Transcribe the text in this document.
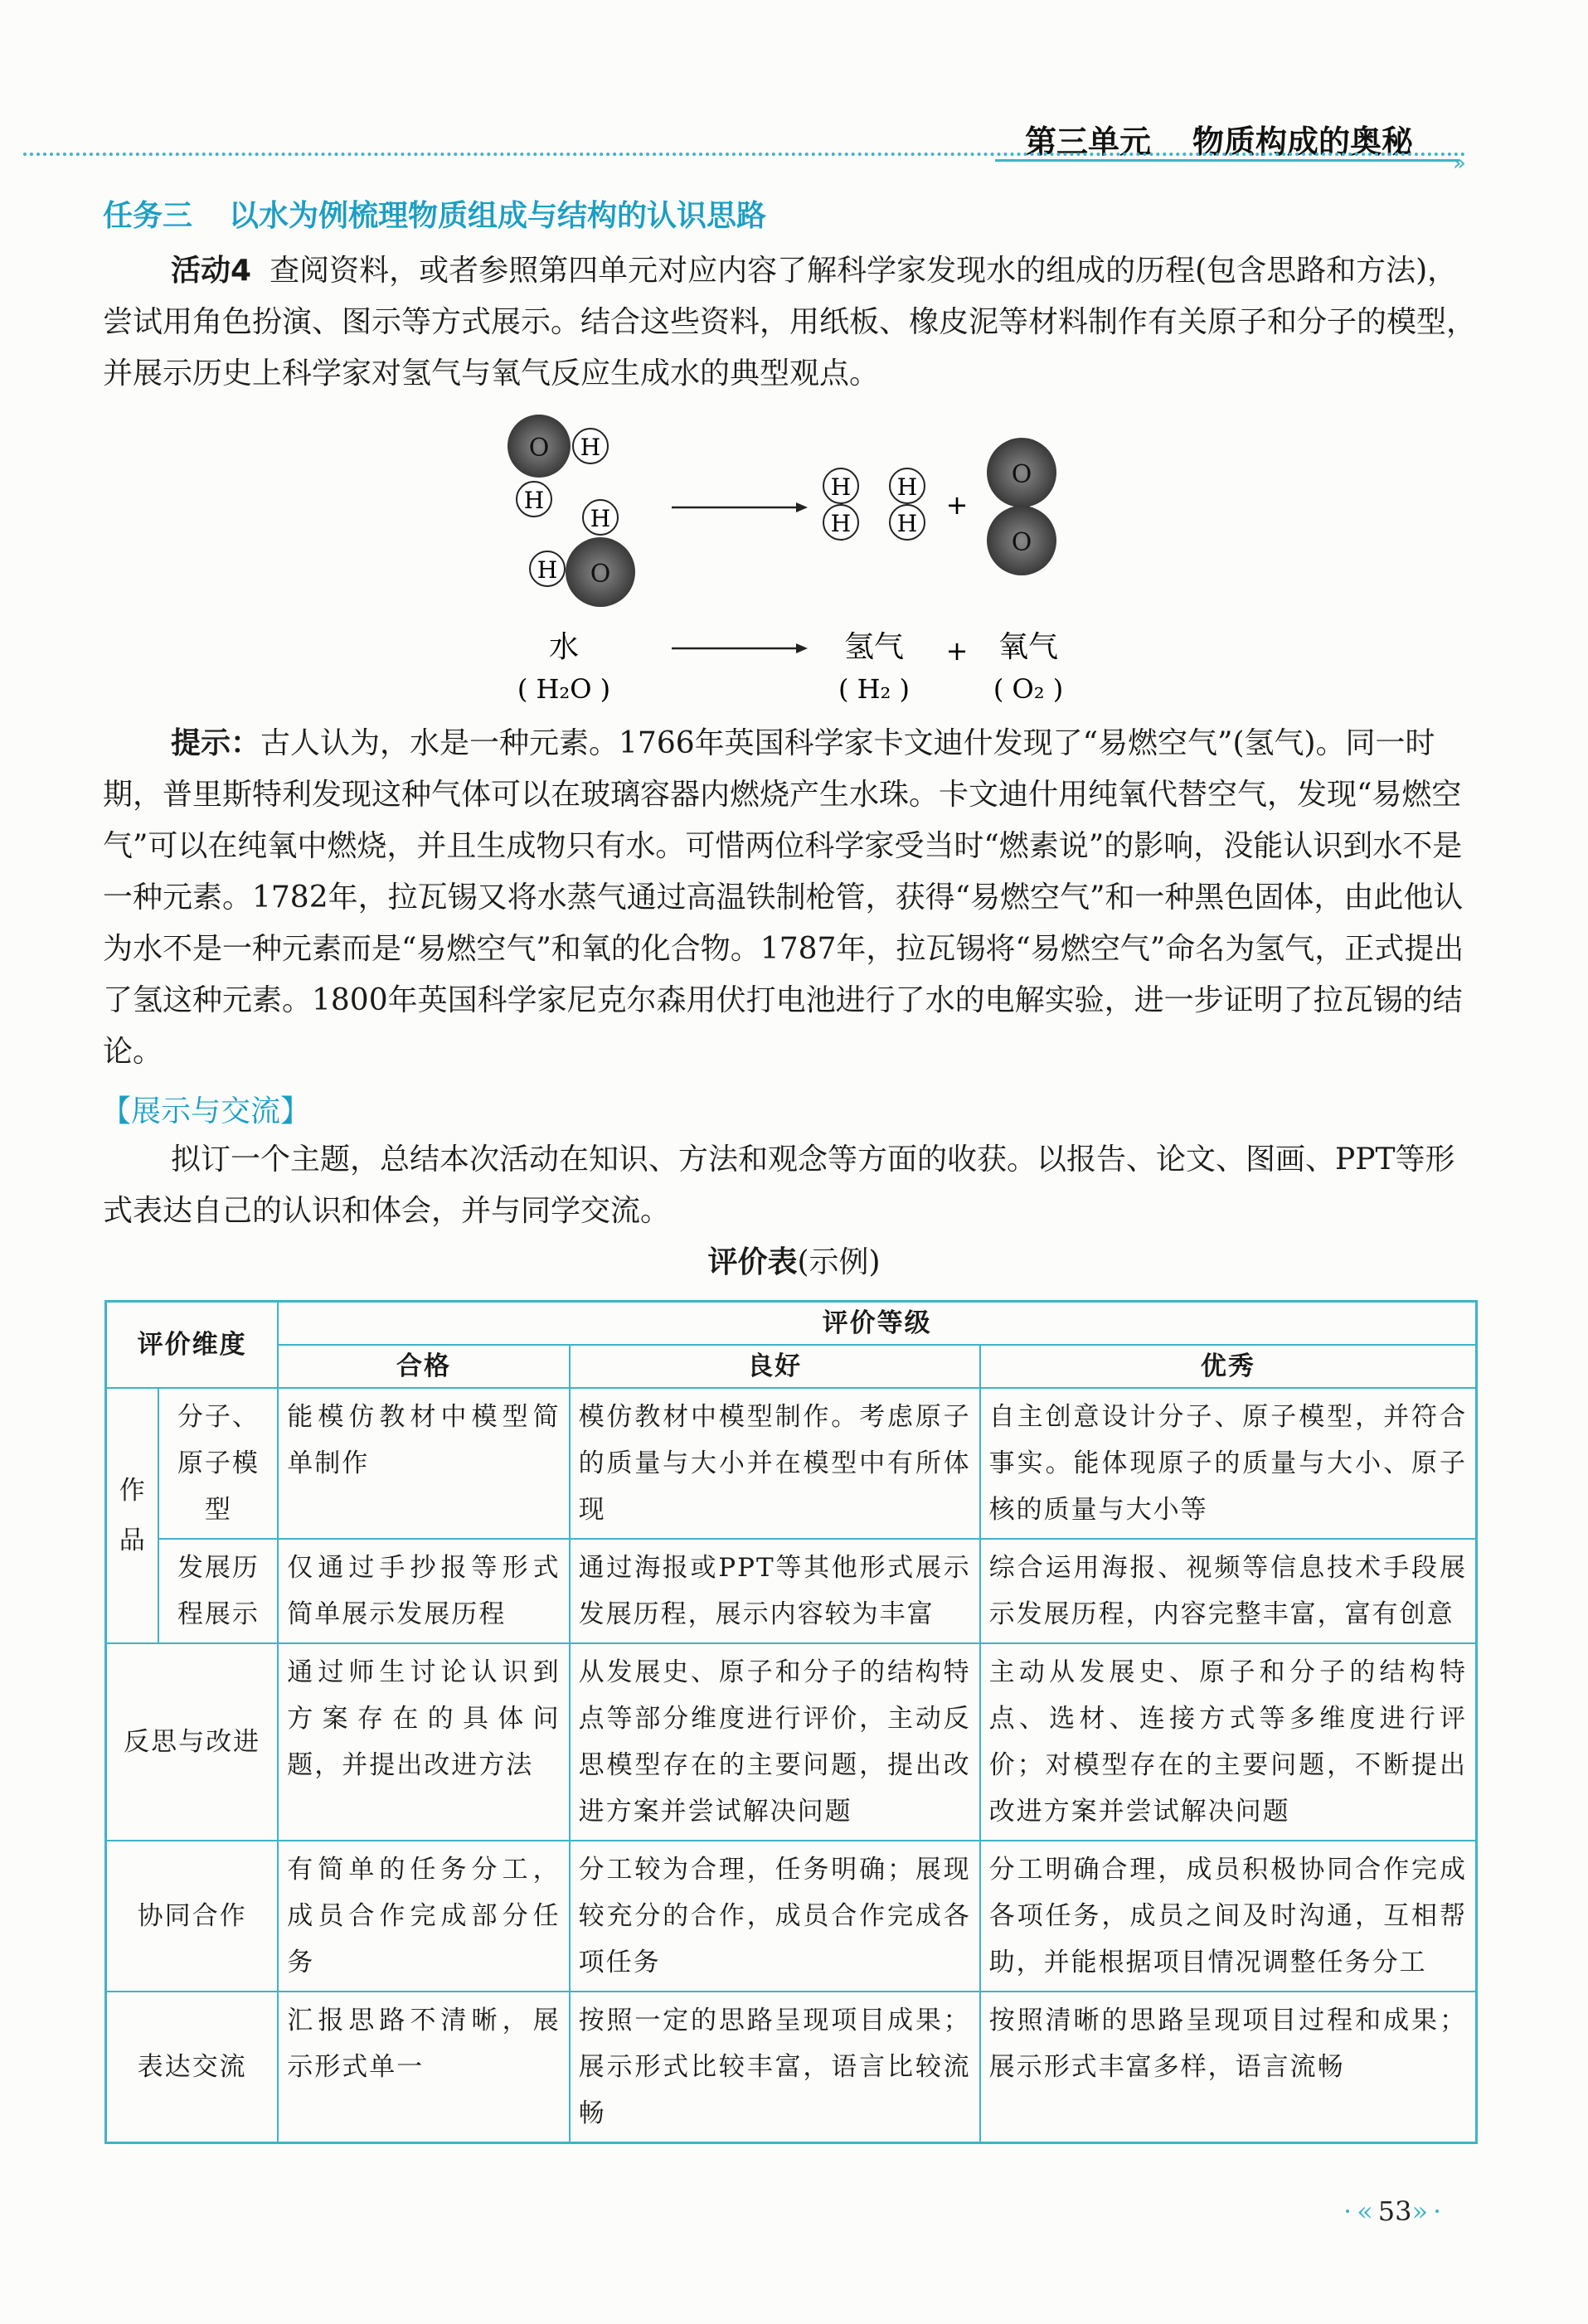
第三单元 物质构成的奥秘
»
任务三 以水为例梳理物质组成与结构的认识思路
活动4 查阅资料，或者参照第四单元对应内容了解科学家发现水的组成的历程(包含思路和方法)，尝试用角色扮演、图示等方式展示。结合这些资料，用纸板、橡皮泥等材料制作有关原子和分子的模型，并展示历史上科学家对氢气与氧气反应生成水的典型观点。
O H
H
O
H
H
H
H
H
H
+
O
O
水
( H₂O )
氢气
( H₂ )
+ 氧气
( O₂ )
提示：古人认为，水是一种元素。1766年英国科学家卡文迪什发现了“易燃空气”(氢气)。同一时期，普里斯特利发现这种气体可以在玻璃容器内燃烧产生水珠。卡文迪什用纯氧代替空气，发现“易燃空气”可以在纯氧中燃烧，并且生成物只有水。可惜两位科学家受当时“燃素说”的影响，没能认识到水不是一种元素。1782年，拉瓦锡又将水蒸气通过高温铁制枪管，获得“易燃空气”和一种黑色固体，由此他认为水不是一种元素而是“易燃空气”和氧的化合物。1787年，拉瓦锡将“易燃空气”命名为氢气，正式提出了氢这种元素。1800年英国科学家尼克尔森用伏打电池进行了水的电解实验，进一步证明了拉瓦锡的结论。
【展示与交流】
拟订一个主题，总结本次活动在知识、方法和观念等方面的收获。以报告、论文、图画、PPT等形式表达自己的认识和体会，并与同学交流。
评价表(示例)
评价维度		评价等级		
		合格	良好	优秀

作品	分子、原子模型	能模仿教材中模型简单制作	模仿教材中模型制作。考虑原子的质量与大小并在模型中有所体现	自主创意设计分子、原子模型，并符合事实。能体现原子的质量与大小、原子核的质量与大小等
	发展历程展示	仅通过手抄报等形式简单展示发展历程	通过海报或PPT等其他形式展示发展历程，展示内容较为丰富	综合运用海报、视频等信息技术手段展示发展历程，内容完整丰富，富有创意
反思与改进		通过师生讨论认识到方案存在的具体问题，并提出改进方法	从发展史、原子和分子的结构特点等部分维度进行评价，主动反思模型存在的主要问题，提出改进方案并尝试解决问题	主动从发展史、原子和分子的结构特点、选材、连接方式等多维度进行评价；对模型存在的主要问题，不断提出改进方案并尝试解决问题
协同合作		有简单的任务分工，成员合作完成部分任务	分工较为合理，任务明确；展现较充分的合作，成员合作完成各项任务	分工明确合理，成员积极协同合作完成各项任务，成员之间及时沟通，互相帮助，并能根据项目情况调整任务分工
表达交流		汇报思路不清晰，展示形式单一	按照一定的思路呈现项目成果；展示形式比较丰富，语言比较流畅	按照清晰的思路呈现项目过程和成果；展示形式丰富多样，语言流畅
·«53»·
